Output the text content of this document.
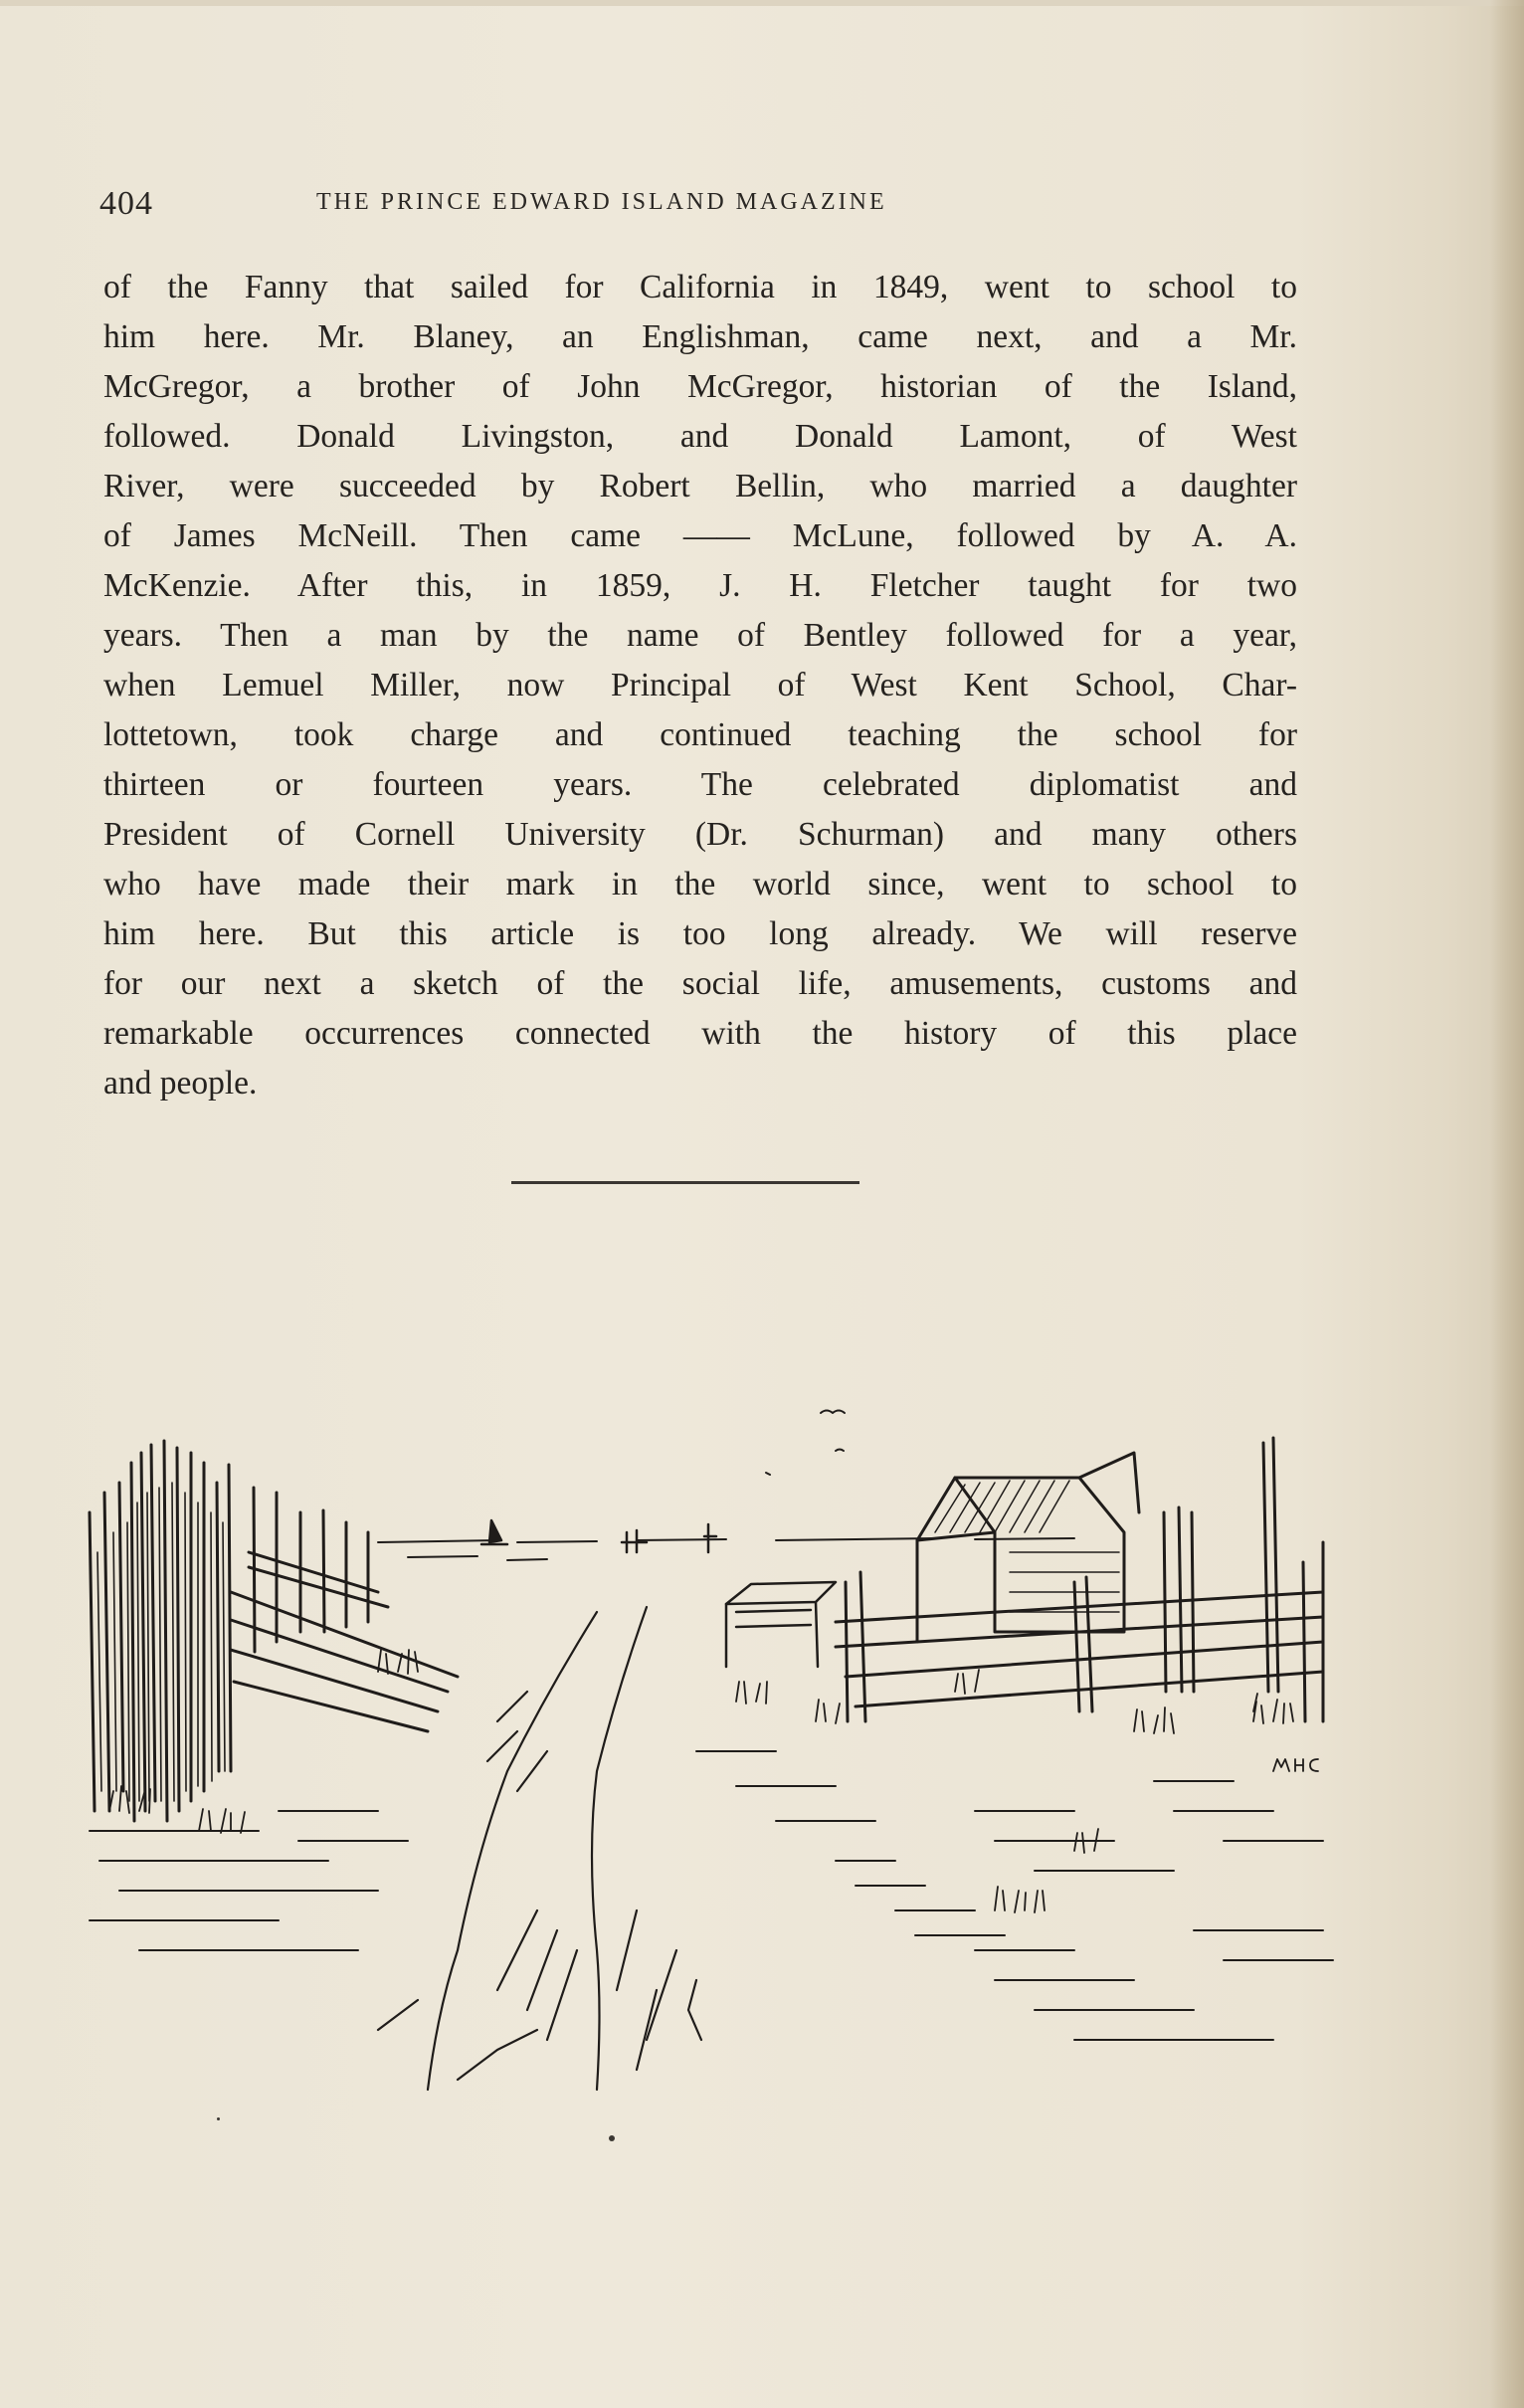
404	THE PRINCE EDWARD ISLAND MAGAZINE
of the Fanny that sailed for California in 1849, went to school to
him here. Mr. Blaney, an Englishman, came next, and a Mr.
McGregor, a brother of John McGregor, historian of the Island,
followed. Donald Livingston, and Donald Lamont, of West
River, were succeeded by Robert Bellin, who married a daughter
of James McNeill. Then came —— McLune, followed by A. A.
McKenzie. After this, in 1859, J. H. Fletcher taught for two
years. Then a man by the name of Bentley followed for a year,
when Lemuel Miller, now Principal of West Kent School, Char-
lottetown, took charge and continued teaching the school for
thirteen or fourteen years. The celebrated diplomatist and
President of Cornell University (Dr. Schurman) and many others
who have made their mark in the world since, went to school to
him here. But this article is too long already. We will reserve
for our next a sketch of the social life, amusements, customs and
remarkable occurrences connected with the history of this place
and people.
